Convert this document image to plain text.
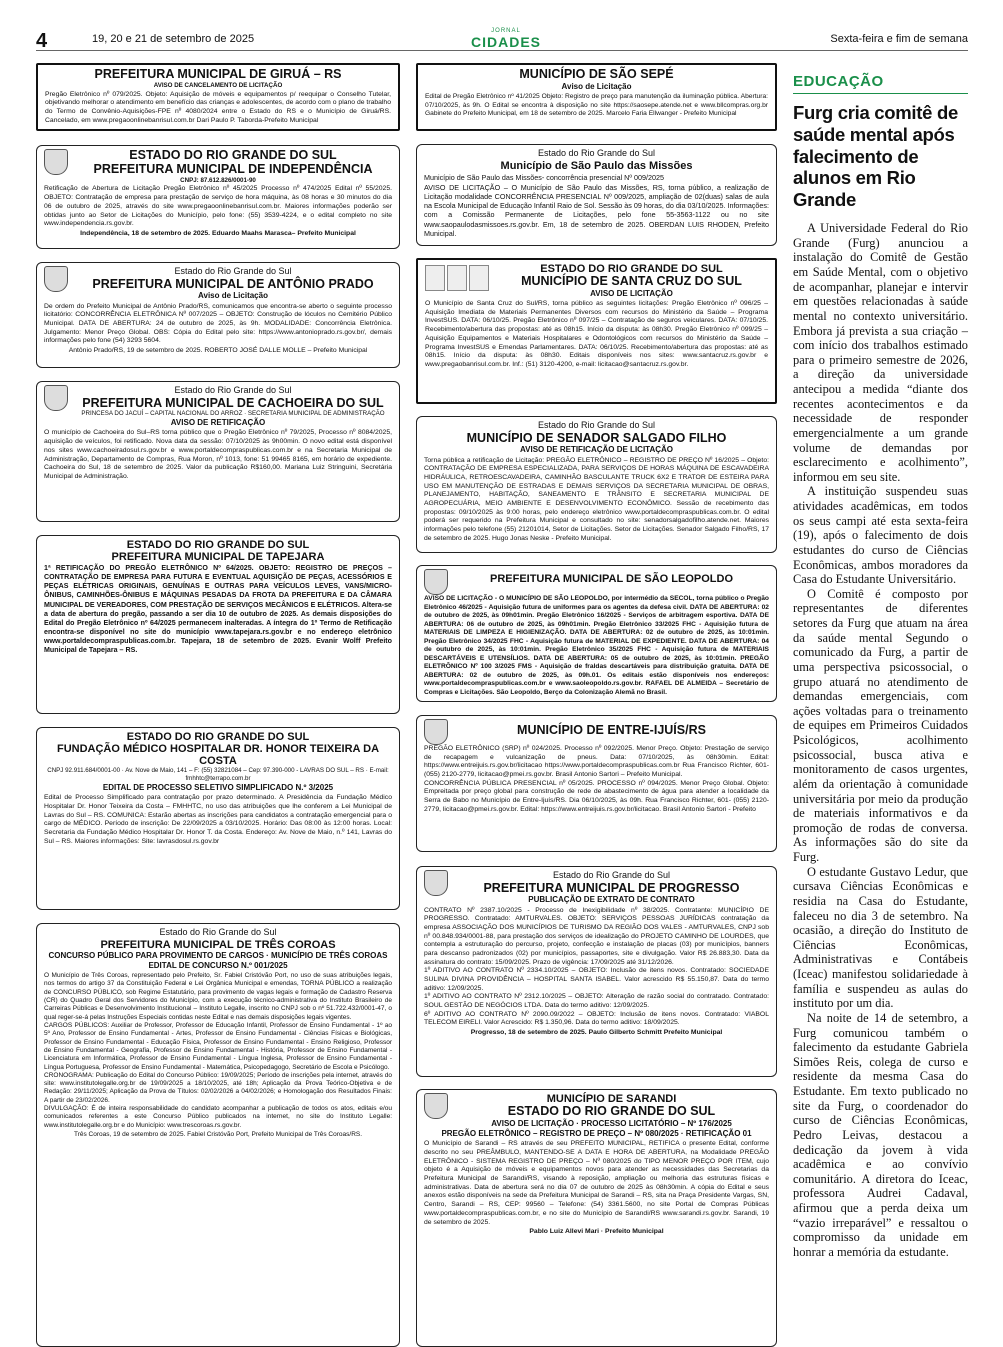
4	19, 20 e 21 de setembro de 2025
JORNAL
CIDADES	Sexta-feira e fim de semana
PREFEITURA MUNICIPAL DE GIRUÁ – RS
AVISO DE CANCELAMENTO DE LICITAÇÃO

Pregão Eletrônico nº 079/2025. Objeto: Aquisição de móveis e equipamentos p/ reequipar o Conselho Tutelar, objetivando melhorar o atendimento em benefício das crianças e adolescentes, de acordo com o plano de trabalho do Termo de Convênio-Aquisições-FPE nº 4080/2024 entre o Estado do RS e o Município de Giruá/RS. Cancelado, em www.pregaoonlinebanrisul.com.br Dari Paulo P. Taborda-Prefeito Municipal

ESTADO DO RIO GRANDE DO SUL
PREFEITURA MUNICIPAL DE INDEPENDÊNCIA
CNPJ: 87.612.826/0001-90

Retificação de Abertura de Licitação Pregão Eletrônico nº 45/2025 Processo nº 474/2025 Edital nº 55/2025. OBJETO: Contratação de empresa para prestação de serviço de hora máquina, às 08 horas e 30 minutos do dia 06 de outubro de 2025, através do site www.pregaoonlinebanrisul.com.br. Maiores informações poderão ser obtidas junto ao Setor de Licitações do Município, pelo fone: (55) 3539-4224, e o edital completo no site www.independencia.rs.gov.br.

Independência, 18 de setembro de 2025. Eduardo Maahs Marasca– Prefeito Municipal
Estado do Rio Grande do Sul
PREFEITURA MUNICIPAL DE ANTÔNIO PRADO
Aviso de Licitação

De ordem do Prefeito Municipal de Antônio Prado/RS, comunicamos que encontra-se aberto o seguinte processo licitatório: CONCORRÊNCIA ELETRÔNICA Nº 007/2025 – OBJETO: Construção de lóculos no Cemitério Público Municipal. DATA DE ABERTURA: 24 de outubro de 2025, às 9h. MODALIDADE: Concorrência Eletrônica. Julgamento: Menor Preço Global. OBS: Cópia do Edital pelo site: https://www.antonioprado.rs.gov.br/, demais informações pelo fone (54) 3293 5604.

Antônio Prado/RS, 19 de setembro de 2025. ROBERTO JOSÉ DALLE MOLLE – Prefeito Municipal
Estado do Rio Grande do Sul
PREFEITURA MUNICIPAL DE CACHOEIRA DO SUL
PRINCESA DO JACUÍ – CAPITAL NACIONAL DO ARROZ · SECRETARIA MUNICIPAL DE ADMINISTRAÇÃO
AVISO DE RETIFICAÇÃO

O município de Cachoeira do Sul–RS torna público que o Pregão Eletrônico nº 79/2025, Processo nº 8084/2025, aquisição de veículos, foi retificado. Nova data da sessão: 07/10/2025 às 9h00min. O novo edital está disponível nos sites www.cachoeiradosul.rs.gov.br e www.portaldecompraspublicas.com.br e na Secretaria Municipal de Administração, Departamento de Compras, Rua Moron, nº 1013, fone: 51 99465 8165, em horário de expediente. Cachoeira do Sul, 18 de setembro de 2025. Valor da publicação R$160,00. Mariana Luiz Stringuini, Secretária Municipal de Administração.

ESTADO DO RIO GRANDE DO SUL
PREFEITURA MUNICIPAL DE TAPEJARA

1ª RETIFICAÇÃO DO PREGÃO ELETRÔNICO Nº 64/2025. OBJETO: REGISTRO DE PREÇOS – CONTRATAÇÃO DE EMPRESA PARA FUTURA E EVENTUAL AQUISIÇÃO DE PEÇAS, ACESSÓRIOS E PEÇAS ELÉTRICAS ORIGINAIS, GENUÍNAS E OUTRAS PARA VEÍCULOS LEVES, VANS/MICRO-ÔNIBUS, CAMINHÕES-ÔNIBUS E MÁQUINAS PESADAS DA FROTA DA PREFEITURA E DA CÂMARA MUNICIPAL DE VEREADORES, COM PRESTAÇÃO DE SERVIÇOS MECÂNICOS E ELÉTRICOS. Altera-se a data de abertura do pregão, passando a ser dia 10 de outubro de 2025. As demais disposições do Edital do Pregão Eletrônico nº 64/2025 permanecem inalteradas. A íntegra do 1º Termo de Retificação encontra-se disponível no site do município www.tapejara.rs.gov.br e no endereço eletrônico www.portaldecompraspublicas.com.br. Tapejara, 18 de setembro de 2025. Evanir Wolff Prefeito Municipal de Tapejara – RS.

ESTADO DO RIO GRANDE DO SUL
FUNDAÇÃO MÉDICO HOSPITALAR DR. HONOR TEIXEIRA DA COSTA
CNPJ 92.911.684/0001-00 · Av. Nove de Maio, 141 – F: (55) 32821084 – Cep: 97.390-000 - LAVRAS DO SUL – RS · E-mail: fmhhtc@terrapo.com.br
EDITAL DE PROCESSO SELETIVO SIMPLIFICADO N.º 3/2025

Edital de Processo Simplificado para contratação por prazo determinado. A Presidência da Fundação Médico Hospitalar Dr. Honor Teixeira da Costa – FMHHTC, no uso das atribuições que lhe conferem a Lei Municipal de Lavras do Sul – RS. COMUNICA: Estarão abertas as inscrições para candidatos a contratação emergencial para o cargo de MÉDICO. Período de inscrição: De 22/09/2025 a 03/10/2025. Horário: Das 08:00 às 12:00 horas. Local: Secretaria da Fundação Médico Hospitalar Dr. Honor T. da Costa. Endereço: Av. Nove de Maio, n.º 141, Lavras do Sul – RS. Maiores informações: Site: lavrasdosul.rs.gov.br

Estado do Rio Grande do Sul
PREFEITURA MUNICIPAL DE TRÊS COROAS
CONCURSO PÚBLICO PARA PROVIMENTO DE CARGOS · MUNICÍPIO DE TRÊS COROAS
EDITAL DE CONCURSO N.º 001/2025

O Município de Três Coroas, representado pelo Prefeito, Sr. Fabiel Cristóvão Port, no uso de suas atribuições legais, nos termos do artigo 37 da Constituição Federal e Lei Orgânica Municipal e emendas, TORNA PÚBLICO a realização de CONCURSO PÚBLICO, sob Regime Estatutário, para provimento de vagas legais e formação de Cadastro Reserva (CR) do Quadro Geral dos Servidores do Município, com a execução técnico-administrativa do Instituto Brasileiro de Carreiras Públicas e Desenvolvimento Institucional – Instituto Legalle, inscrito no CNPJ sob o nº 51.722.432/0001-47, o qual reger-se-á pelas Instruções Especiais contidas neste Edital e nas demais disposições legais vigentes.
CARGOS PÚBLICOS: Auxiliar de Professor, Professor de Educação Infantil, Professor de Ensino Fundamental - 1º ao 5º Ano, Professor de Ensino Fundamental - Artes, Professor de Ensino Fundamental - Ciências Físicas e Biológicas, Professor de Ensino Fundamental - Educação Física, Professor de Ensino Fundamental - Ensino Religioso, Professor de Ensino Fundamental - Geografia, Professor de Ensino Fundamental - História, Professor de Ensino Fundamental - Licenciatura em Informática, Professor de Ensino Fundamental - Língua Inglesa, Professor de Ensino Fundamental - Língua Portuguesa, Professor de Ensino Fundamental - Matemática, Psicopedagogo, Secretário de Escola e Psicólogo.
CRONOGRAMA: Publicação do Edital do Concurso Público: 19/09/2025; Período de inscrições pela internet, através do site: www.institutolegalle.org.br de 19/09/2025 a 18/10/2025, até 18h; Aplicação da Prova Teórico-Objetiva e de Redação: 29/11/2025; Aplicação da Prova de Títulos: 02/02/2026 a 04/02/2026; e Homologação dos Resultados Finais: A partir de 23/02/2026.
DIVULGAÇÃO: É de inteira responsabilidade do candidato acompanhar a publicação de todos os atos, editais e/ou comunicados referentes a este Concurso Público publicados na internet, no site do Instituto Legalle: www.institutolegalle.org.br e do Município: www.trescoroas.rs.gov.br.

Três Coroas, 19 de setembro de 2025. Fabiel Cristóvão Port, Prefeito Municipal de Três Coroas/RS.
MUNICÍPIO DE SÃO SEPÉ
Aviso de Licitação

Edital de Pregão Eletrônico nº 41/2025 Objeto: Registro de preço para manutenção da iluminação pública. Abertura: 07/10/2025, às 9h. O Edital se encontra à disposição no site https://saosepe.atende.net e www.bllcompras.org.br Gabinete do Prefeito Municipal, em 18 de setembro de 2025. Marcelo Faria Ellwanger - Prefeito Municipal

Estado do Rio Grande do Sul
Município de São Paulo das Missões

Município de São Paulo das Missões- concorrência presencial Nº 009/2025

AVISO DE LICITAÇÃO – O Município de São Paulo das Missões, RS, torna público, a realização de Licitação modalidade CONCORRÊNCIA PRESENCIAL Nº 009/2025, ampliação de 02(duas) salas de aula na Escola Municipal de Educação Infantil Raio de Sol. Sessão às 09 horas, do dia 03/10/2025. Informações: com a Comissão Permanente de Licitações, pelo fone 55-3563-1122 ou no site www.saopaulodasmissoes.rs.gov.br. Em, 18 de setembro de 2025. OBERDAN LUIS RHODEN, Prefeito Municipal.

ESTADO DO RIO GRANDE DO SUL
MUNICÍPIO DE SANTA CRUZ DO SUL
AVISO DE LICITAÇÃO

O Município de Santa Cruz do Sul/RS, torna público as seguintes licitações: Pregão Eletrônico nº 096/25 – Aquisição Imediata de Materiais Permanentes Diversos com recursos do Ministério da Saúde – Programa InvestSUS. DATA: 06/10/25. Pregão Eletrônico nº 097/25 – Contratação de seguros veiculares. DATA: 07/10/25. Recebimento/abertura das propostas: até as 08h15. Início da disputa: às 08h30. Pregão Eletrônico nº 099/25 – Aquisição Equipamentos e Materiais Hospitalares e Odontológicos com recursos do Ministério da Saúde – Programa InvestSUS e Emendas Parlamentares. DATA: 06/10/25. Recebimento/abertura das propostas: até as 08h15. Início da disputa: às 08h30. Editais disponíveis nos sites: www.santacruz.rs.gov.br e www.pregaobanrisul.com.br. Inf.: (51) 3120-4200, e-mail: licitacao@santacruz.rs.gov.br.

Estado do Rio Grande do Sul
MUNICÍPIO DE SENADOR SALGADO FILHO
AVISO DE RETIFICAÇÃO DE LICITAÇÃO

Torna pública a retificação de Licitação: PREGÃO ELETRÔNICO – REGISTRO DE PREÇO Nº 16/2025 – Objeto: CONTRATAÇÃO DE EMPRESA ESPECIALIZADA, PARA SERVIÇOS DE HORAS MÁQUINA DE ESCAVADEIRA HIDRÁULICA, RETROESCAVADEIRA, CAMINHÃO BASCULANTE TRUCK 6X2 E TRATOR DE ESTEIRA PARA USO EM MANUTENÇÃO DE ESTRADAS E DEMAIS SERVIÇOS DA SECRETARIA MUNICIPAL DE OBRAS, PLANEJAMENTO, HABITAÇÃO, SANEAMENTO E TRÂNSITO E SECRETARIA MUNICIPAL DE AGROPECUÁRIA, MEIO AMBIENTE E DESENVOLVIMENTO ECONÔMICO. Sessão de recebimento das propostas: 09/10/2025 às 9:00 horas, pelo endereço eletrônico www.portaldecompraspublicas.com.br. O edital poderá ser requerido na Prefeitura Municipal e consultado no site: senadorsalgadofilho.atende.net. Maiores informações pelo telefone (55) 21201014, Setor de Licitações. Setor de Licitações. Senador Salgado Filho/RS, 17 de setembro de 2025. Hugo Jonas Neske - Prefeito Municipal.

PREFEITURA MUNICIPAL DE SÃO LEOPOLDO

AVISO DE LICITAÇÃO - O MUNICÍPIO DE SÃO LEOPOLDO, por intermédio da SECOL, torna público o Pregão Eletrônico 46/2025 - Aquisição futura de uniformes para os agentes da defesa civil. DATA DE ABERTURA: 02 de outubro de 2025, às 09h01min. Pregão Eletrônico 16/2025 - Serviços de arbitragem esportiva. DATA DE ABERTURA: 06 de outubro de 2025, às 09h01min. Pregão Eletrônico 33/2025 FHC - Aquisição futura de MATERIAIS DE LIMPEZA E HIGIENIZAÇÃO. DATA DE ABERTURA: 02 de outubro de 2025, às 10:01min. Pregão Eletrônico 34/2025 FHC - Aquisição futura de MATERIAL DE EXPEDIENTE. DATA DE ABERTURA: 04 de outubro de 2025, às 10:01min. Pregão Eletrônico 35/2025 FHC - Aquisição futura de MATERIAIS DESCARTÁVEIS E UTENSÍLIOS. DATA DE ABERTURA: 05 de outubro de 2025, às 10:01min. PREGÃO ELETRÔNICO Nº 100 3/2025 FMS - Aquisição de fraldas descartáveis para distribuição gratuita. DATA DE ABERTURA: 02 de outubro de 2025, às 09h.01. Os editais estão disponíveis nos endereços: www.portaldecompraspublicas.com.br e www.saoleopoldo.rs.gov.br. RAFAEL DE ALMEIDA – Secretário de Compras e Licitações. São Leopoldo, Berço da Colonização Alemã no Brasil.

MUNICÍPIO DE ENTRE-IJUÍS/RS

PREGÃO ELETRÔNICO (SRP) nº 024/2025. Processo nº 092/2025. Menor Preço. Objeto: Prestação de serviço de recapagem e vulcanização de pneus. Data: 07/10/2025, às 08h30min. Edital: https://www.entreijuis.rs.gov.br/licitacao https://www.portaldecompraspublicas.com.br Rua Francisco Richter, 601- (055) 2120-2779, licitacao@pmei.rs.gov.br. Brasil Antonio Sartori – Prefeito Municipal.
CONCORRÊNCIA PÚBLICA PRESENCIAL nº 05/2025. PROCESSO nº 094/2025. Menor Preço Global. Objeto: Empreitada por preço global para construção de rede de abastecimento de água para atender a localidade da Serra de Babo no Município de Entre-Ijuís/RS. Dia 06/10/2025, às 09h. Rua Francisco Richter, 601- (055) 2120-2779, licitacao@pmei.rs.gov.br. Edital: https://www.entreijuis.rs.gov.br/licitacao. Brasil Antonio Sartori - Prefeito

Estado do Rio Grande do Sul
PREFEITURA MUNICIPAL DE PROGRESSO
PUBLICAÇÃO DE EXTRATO DE CONTRATO

CONTRATO Nº 2387.10/2025 - Processo de Inexigibilidade nº 38/2025. Contratante: MUNICÍPIO DE PROGRESSO. Contratado: AMTURVALES. OBJETO: SERVIÇOS PESSOAS JURÍDICAS contratação da empresa ASSOCIAÇÃO DOS MUNICÍPIOS DE TURISMO DA REGIÃO DOS VALES - AMTURVALES, CNPJ sob nº 00.848.934/0001-88, para prestação dos serviços de idealização do PROJETO CAMINHO DE LOURDES, que contempla a estruturação do percurso, projeto, confecção e instalação de placas (03) por municípios, banners para descanso padronizados (02) por municípios, passaportes, site e divulgação. Valor R$ 26.883,30. Data da assinatura do contrato: 15/09/2025. Prazo de vigência: 17/09/2025 até 31/12/2026.
1º ADITIVO AO CONTRATO Nº 2334.10/2025 – OBJETO: Inclusão de itens novos. Contratado: SOCIEDADE SULINA DIVINA PROVIDÊNCIA – HOSPITAL SANTA ISABEL. Valor acrescido R$ 55.150,87. Data do termo aditivo: 12/09/2025.
1º ADITIVO AO CONTRATO Nº 2312.10/2025 – OBJETO: Alteração de razão social do contratado. Contratado: SOUL GESTÃO DE NEGÓCIOS LTDA. Data do termo aditivo: 12/09/2025.
6º ADITIVO AO CONTRATO Nº 2090.09/2022 – OBJETO: Inclusão de itens novos. Contratado: VIABOL TELECOM EIRELI. Valor Acrescido: R$ 1.350,96. Data do termo aditivo: 18/09/2025.

Progresso, 18 de setembro de 2025. Paulo Gilberto Schmitt Prefeito Municipal
MUNICÍPIO DE SARANDI
ESTADO DO RIO GRANDE DO SUL
AVISO DE LICITAÇÃO · PROCESSO LICITATÓRIO – Nº 176/2025
PREGÃO ELETRÔNICO – REGISTRO DE PREÇO – Nº 080/2025 · RETIFICAÇÃO 01

O Município de Sarandi – RS através de seu PREFEITO MUNICIPAL, RETIFICA o presente Edital, conforme descrito no seu PREÂMBULO, MANTENDO-SE A DATA E HORA DE ABERTURA, na Modalidade PREGÃO ELETRÔNICO - SISTEMA REGISTRO DE PREÇO – Nº 080/2025 do TIPO MENOR PREÇO POR ITEM, cujo objeto é a Aquisição de móveis e equipamentos novos para atender as necessidades das Secretarias da Prefeitura Municipal de Sarandi/RS, visando à reposição, ampliação ou melhoria das estruturas físicas e administrativas. Data de abertura será no dia 07 de outubro de 2025 às 08h30min. A cópia do Edital e seus anexos estão disponíveis na sede da Prefeitura Municipal de Sarandi – RS, sita na Praça Presidente Vargas, SN, Centro, Sarandi – RS, CEP: 99560 – Telefone: (54) 3361.5600, no site Portal de Compras Públicas www.portaldecompraspublicas.com.br, e no site do Município de Sarandi/RS www.sarandi.rs.gov.br. Sarandi, 19 de setembro de 2025.

Pablo Luiz Allevi Mari · Prefeito Municipal
EDUCAÇÃO
Furg cria comitê de saúde mental após falecimento de alunos em Rio Grande

A Universidade Federal do Rio Grande (Furg) anunciou a instalação do Comitê de Gestão em Saúde Mental, com o objetivo de acompanhar, planejar e intervir em questões relacionadas à saúde mental no contexto universitário. Embora já prevista a sua criação – com início dos trabalhos estimado para o primeiro semestre de 2026, a direção da universidade antecipou a medida “diante dos recentes acontecimentos e da necessidade de responder emergencialmente a um grande volume de demandas por esclarecimento e acolhimento”, informou em seu site.

A instituição suspendeu suas atividades acadêmicas, em todos os seus campi até esta sexta-feira (19), após o falecimento de dois estudantes do curso de Ciências Econômicas, ambos moradores da Casa do Estudante Universitário.

O Comitê é composto por representantes de diferentes setores da Furg que atuam na área da saúde mental Segundo o comunicado da Furg, a partir de uma perspectiva psicossocial, o grupo atuará no atendimento de demandas emergenciais, com ações voltadas para o treinamento de equipes em Primeiros Cuidados Psicológicos, acolhimento psicossocial, busca ativa e monitoramento de casos urgentes, além da orientação à comunidade universitária por meio da produção de materiais informativos e da promoção de rodas de conversa. As informações são do site da Furg.

O estudante Gustavo Ledur, que cursava Ciências Econômicas e residia na Casa do Estudante, faleceu no dia 3 de setembro. Na ocasião, a direção do Instituto de Ciências Econômicas, Administrativas e Contábeis (Iceac) manifestou solidariedade à família e suspendeu as aulas do instituto por um dia.

Na noite de 14 de setembro, a Furg comunicou também o falecimento da estudante Gabriela Simões Reis, colega de curso e residente da mesma Casa do Estudante. Em texto publicado no site da Furg, o coordenador do curso de Ciências Econômicas, Pedro Leivas, destacou a dedicação da jovem à vida acadêmica e ao convívio comunitário. A diretora do Iceac, professora Audrei Cadaval, afirmou que a perda deixa um “vazio irreparável” e ressaltou o compromisso da unidade em honrar a memória da estudante.
